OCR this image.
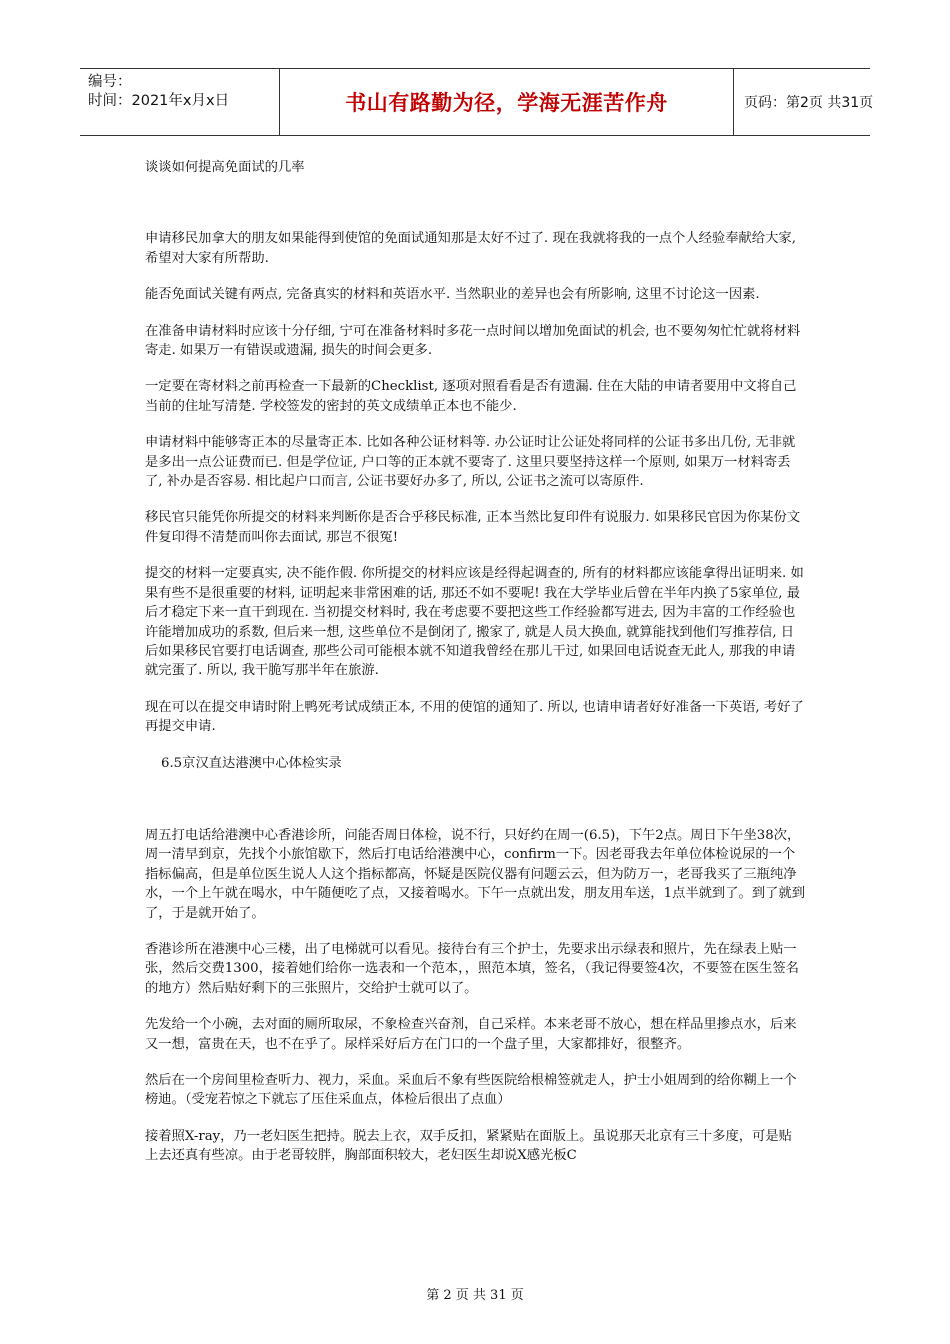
编号：
时间：2021年x月x日	书山有路勤为径，学海无涯苦作舟	页码：第2页 共31页

谈谈如何提高免面试的几率

申请移民加拿大的朋友如果能得到使馆的免面试通知那是太好不过了. 现在我就将我的一点个人经验奉献给大家, 希望对大家有所帮助.

能否免面试关键有两点, 完备真实的材料和英语水平. 当然职业的差异也会有所影响, 这里不讨论这一因素.

在准备申请材料时应该十分仔细, 宁可在准备材料时多花一点时间以增加免面试的机会, 也不要匆匆忙忙就将材料寄走. 如果万一有错误或遗漏, 损失的时间会更多.

一定要在寄材料之前再检查一下最新的Checklist, 逐项对照看看是否有遗漏. 住在大陆的申请者要用中文将自己当前的住址写清楚. 学校签发的密封的英文成绩单正本也不能少.

申请材料中能够寄正本的尽量寄正本. 比如各种公证材料等. 办公证时让公证处将同样的公证书多出几份, 无非就是多出一点公证费而已. 但是学位证, 户口等的正本就不要寄了. 这里只要坚持这样一个原则, 如果万一材料寄丢了, 补办是否容易. 相比起户口而言, 公证书要好办多了, 所以, 公证书之流可以寄原件.

移民官只能凭你所提交的材料来判断你是否合乎移民标准, 正本当然比复印件有说服力. 如果移民官因为你某份文件复印得不清楚而叫你去面试, 那岂不很冤!

提交的材料一定要真实, 决不能作假. 你所提交的材料应该是经得起调查的, 所有的材料都应该能拿得出证明来. 如果有些不是很重要的材料, 证明起来非常困难的话, 那还不如不要呢! 我在大学毕业后曾在半年内换了5家单位, 最后才稳定下来一直干到现在. 当初提交材料时, 我在考虑要不要把这些工作经验都写进去, 因为丰富的工作经验也许能增加成功的系数, 但后来一想, 这些单位不是倒闭了, 搬家了, 就是人员大换血, 就算能找到他们写推荐信, 日后如果移民官要打电话调查, 那些公司可能根本就不知道我曾经在那儿干过, 如果回电话说查无此人, 那我的申请就完蛋了. 所以, 我干脆写那半年在旅游.

现在可以在提交申请时附上鸭死考试成绩正本, 不用的使馆的通知了. 所以, 也请申请者好好准备一下英语, 考好了再提交申请.

6.5京汉直达港澳中心体检实录

周五打电话给港澳中心香港诊所，问能否周日体检，说不行，只好约在周一(6.5)，下午2点。周日下午坐38次，周一清早到京，先找个小旅馆歇下，然后打电话给港澳中心，confirm一下。因老哥我去年单位体检说尿的一个指标偏高，但是单位医生说人人这个指标都高，怀疑是医院仪器有问题云云，但为防万一，老哥我买了三瓶纯净水，一个上午就在喝水，中午随便吃了点，又接着喝水。下午一点就出发，朋友用车送，1点半就到了。到了就到了，于是就开始了。

香港诊所在港澳中心三楼，出了电梯就可以看见。接待台有三个护士，先要求出示绿表和照片，先在绿表上贴一张，然后交费1300，接着她们给你一选表和一个范本，，照范本填，签名，（我记得要签4次，不要签在医生签名的地方）然后贴好剩下的三张照片，交给护士就可以了。

先发给一个小碗，去对面的厕所取尿，不象检查兴奋剂，自己采样。本来老哥不放心，想在样品里掺点水，后来又一想，富贵在天，也不在乎了。尿样采好后方在门口的一个盘子里，大家都排好，很整齐。

然后在一个房间里检查听力、视力，采血。采血后不象有些医院给根棉签就走人，护士小姐周到的给你糊上一个榜迪。（受宠若惊之下就忘了压住采血点，体检后很出了点血）

接着照X-ray，乃一老妇医生把持。脱去上衣，双手反扣，紧紧贴在面版上。虽说那天北京有三十多度，可是贴上去还真有些凉。由于老哥较胖，胸部面积较大，老妇医生却说X感光板C

第 2 页 共 31 页
